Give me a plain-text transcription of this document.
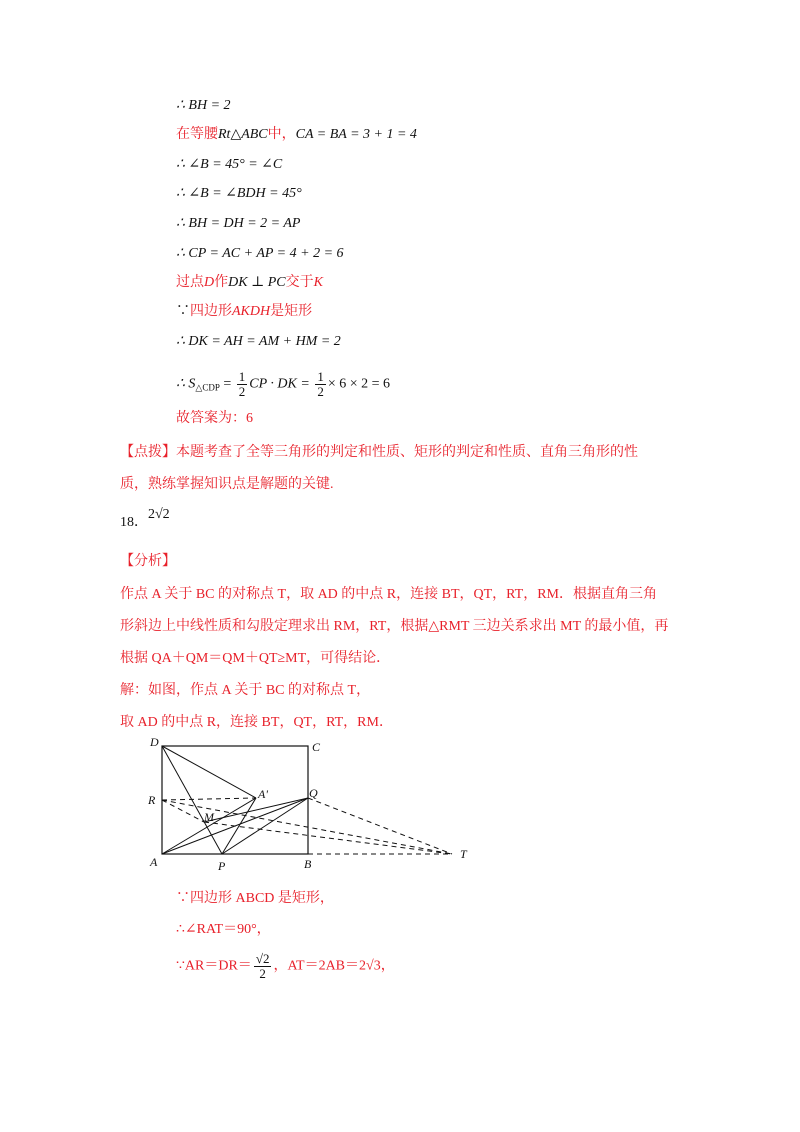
∴ BH = 2
在等腰Rt△ABC中，CA = BA = 3 + 1 = 4
∴ ∠B = 45° = ∠C
∴ ∠B = ∠BDH = 45°
∴ BH = DH = 2 = AP
∴ CP = AC + AP = 4 + 2 = 6
过点D作DK ⊥ PC交于K
∵四边形AKDH是矩形
∴ DK = AH = AM + HM = 2
∴ $S_{\triangle CDP} = \frac{1}{2}$ CP · DK = $\frac{1}{2} \times 6 \times 2 = 6$
故答案为：6
【点拨】本题考查了全等三角形的判定和性质、矩形的判定和性质、直角三角形的性
质，熟练掌握知识点是解题的关键.
18．2√2
【分析】
作点 A 关于 BC 的对称点 T，取 AD 的中点 R，连接 BT，QT，RT，RM．根据直角三角
形斜边上中线性质和勾股定理求出 RM，RT，根据△RMT 三边关系求出 MT 的最小值，再
根据 QA＋QM＝QM＋QT≥MT，可得结论．
解：如图，作点 A 关于 BC 的对称点 T，
取 AD 的中点 R，连接 BT，QT，RT，RM．
D	C
R	A'	Q
M
A	P	B
T
∵四边形 ABCD 是矩形，
∴∠RAT＝90°，
∵AR＝DR＝ $\frac{√2}{2}$ ，AT＝2AB＝2√3，
